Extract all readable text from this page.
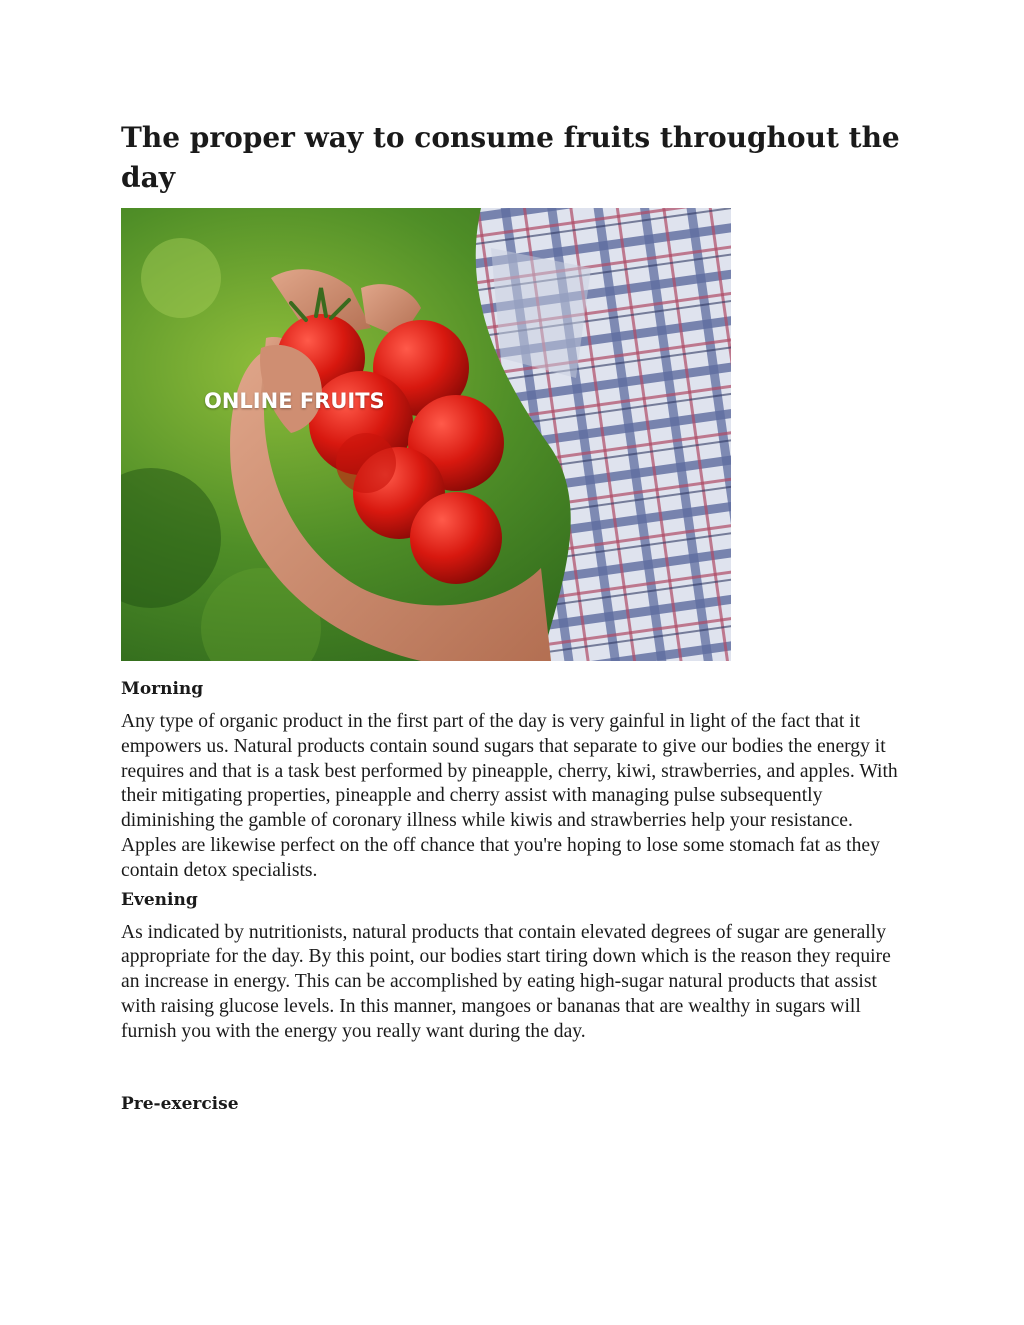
The proper way to consume fruits throughout the day
ONLINE FRUITS
Morning

Any type of organic product in the first part of the day is very gainful in light of the fact that it empowers us. Natural products contain sound sugars that separate to give our bodies the energy it requires and that is a task best performed by pineapple, cherry, kiwi, strawberries, and apples. With their mitigating properties, pineapple and cherry assist with managing pulse subsequently diminishing the gamble of coronary illness while kiwis and strawberries help your resistance. Apples are likewise perfect on the off chance that you're hoping to lose some stomach fat as they contain detox specialists.

Evening

As indicated by nutritionists, natural products that contain elevated degrees of sugar are generally appropriate for the day. By this point, our bodies start tiring down which is the reason they require an increase in energy. This can be accomplished by eating high-sugar natural products that assist with raising glucose levels. In this manner, mangoes or bananas that are wealthy in sugars will furnish you with the energy you really want during the day.

Pre-exercise
